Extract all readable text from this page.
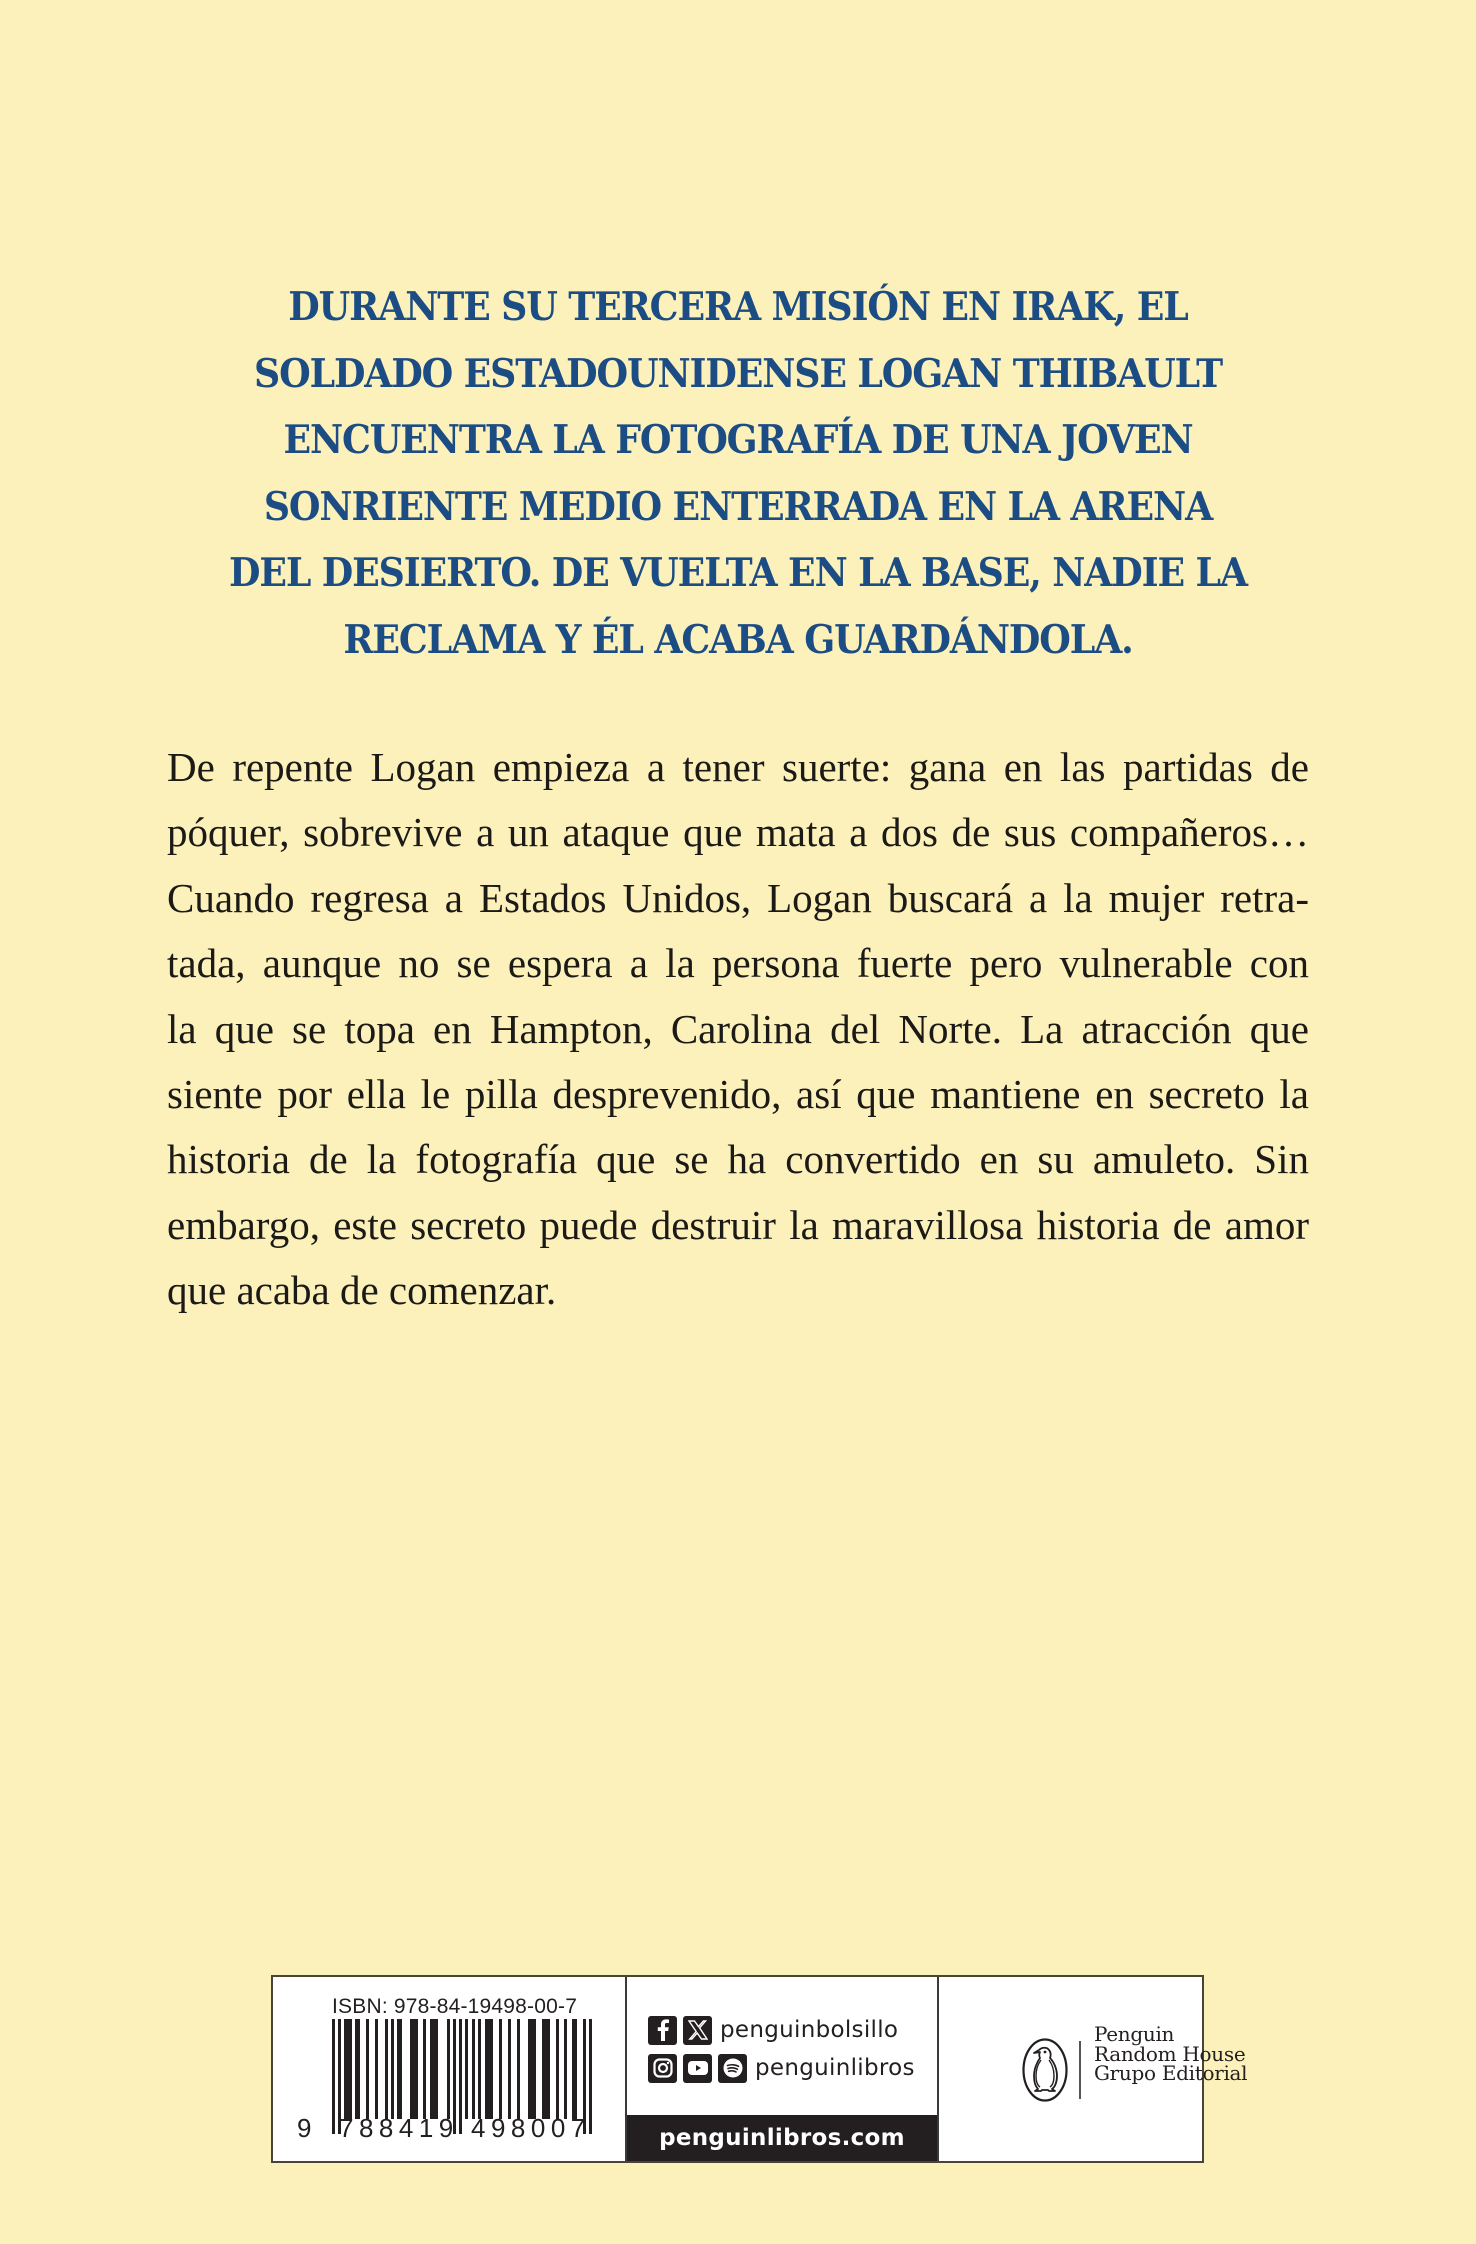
DURANTE SU TERCERA MISIÓN EN IRAK, EL
SOLDADO ESTADOUNIDENSE LOGAN THIBAULT
ENCUENTRA LA FOTOGRAFÍA DE UNA JOVEN
SONRIENTE MEDIO ENTERRADA EN LA ARENA
DEL DESIERTO. DE VUELTA EN LA BASE, NADIE LA
RECLAMA Y ÉL ACABA GUARDÁNDOLA.
De repente Logan empieza a tener suerte: gana en las partidas de
póquer, sobrevive a un ataque que mata a dos de sus compañeros…
Cuando regresa a Estados Unidos, Logan buscará a la mujer retra-
tada, aunque no se espera a la persona fuerte pero vulnerable con
la que se topa en Hampton, Carolina del Norte. La atracción que
siente por ella le pilla desprevenido, así que mantiene en secreto la
historia de la fotografía que se ha convertido en su amuleto. Sin
embargo, este secreto puede destruir la maravillosa historia de amor
que acaba de comenzar.
ISBN: 978-84-19498-00-7
9	788419 498007
penguinbolsillo
penguinlibros
penguinlibros.com
Penguin
Random House
Grupo Editorial
